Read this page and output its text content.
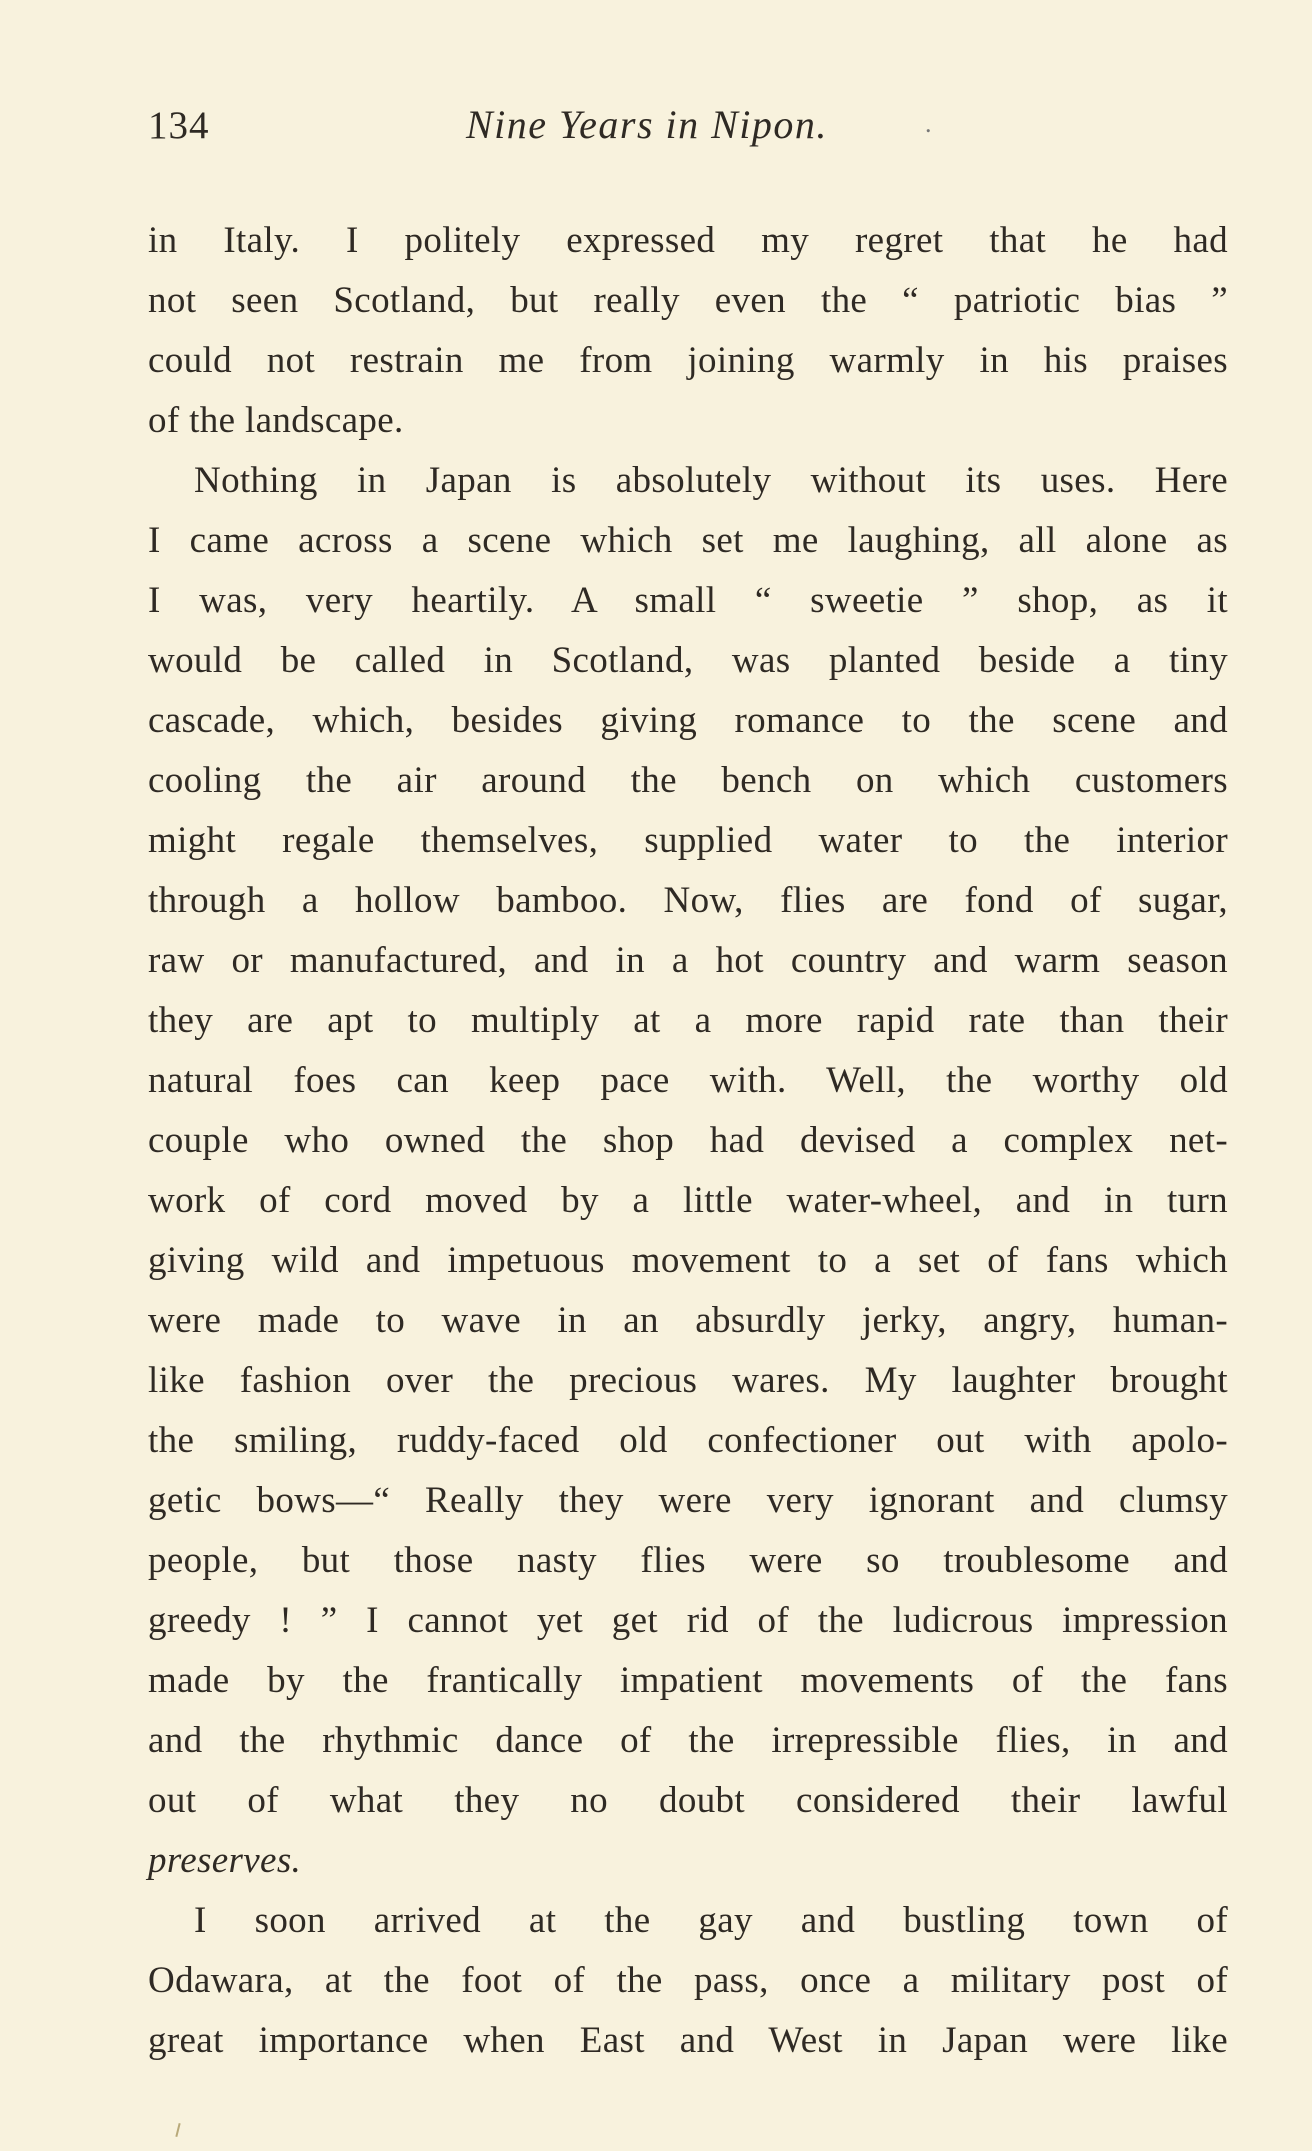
134	Nine Years in Nipon.	.
in Italy. I politely expressed my regret that he had
not seen Scotland, but really even the “ patriotic bias ”
could not restrain me from joining warmly in his praises
of the landscape.
Nothing in Japan is absolutely without its uses. Here
I came across a scene which set me laughing, all alone as
I was, very heartily. A small “ sweetie ” shop, as it
would be called in Scotland, was planted beside a tiny
cascade, which, besides giving romance to the scene and
cooling the air around the bench on which customers
might regale themselves, supplied water to the interior
through a hollow bamboo. Now, flies are fond of sugar,
raw or manufactured, and in a hot country and warm season
they are apt to multiply at a more rapid rate than their
natural foes can keep pace with. Well, the worthy old
couple who owned the shop had devised a complex net-
work of cord moved by a little water-wheel, and in turn
giving wild and impetuous movement to a set of fans which
were made to wave in an absurdly jerky, angry, human-
like fashion over the precious wares. My laughter brought
the smiling, ruddy-faced old confectioner out with apolo-
getic bows—“ Really they were very ignorant and clumsy
people, but those nasty flies were so troublesome and
greedy ! ” I cannot yet get rid of the ludicrous impression
made by the frantically impatient movements of the fans
and the rhythmic dance of the irrepressible flies, in and
out of what they no doubt considered their lawful
preserves.
I soon arrived at the gay and bustling town of
Odawara, at the foot of the pass, once a military post of
great importance when East and West in Japan were like
